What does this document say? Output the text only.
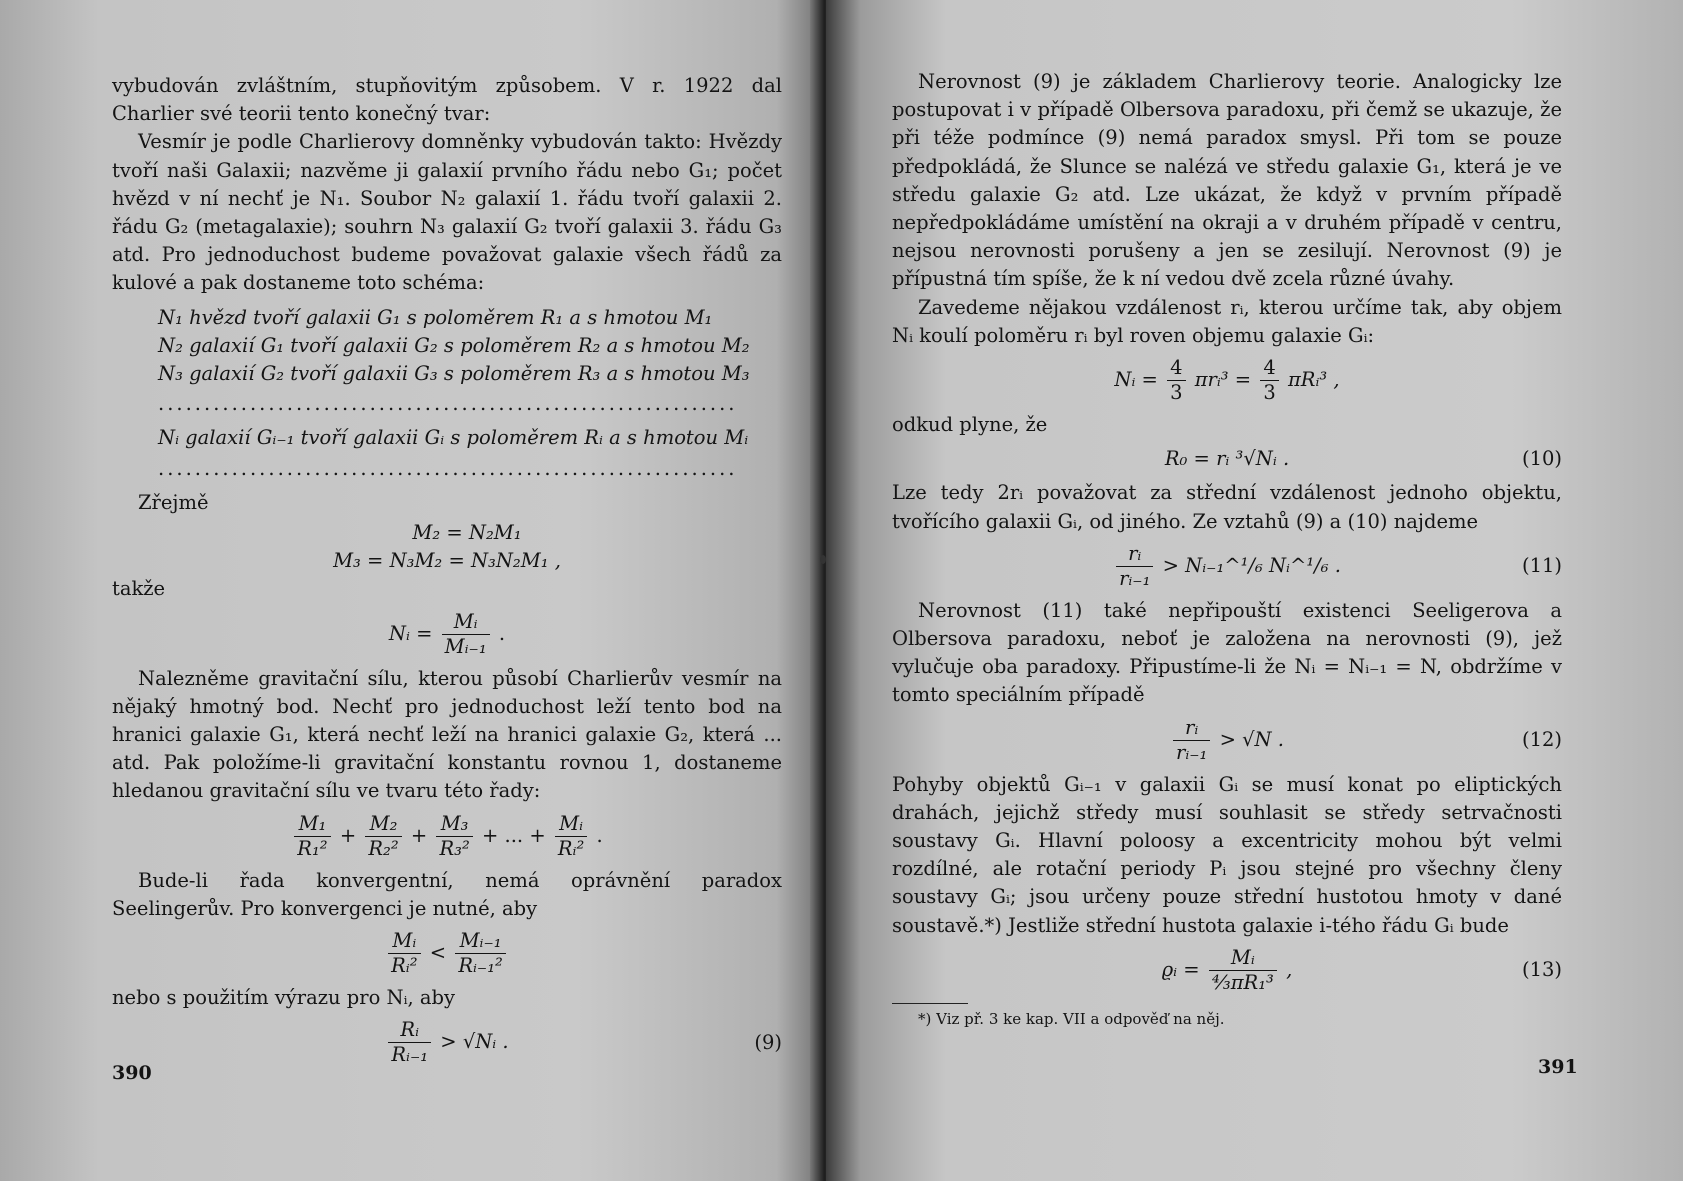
vybudován zvláštním, stupňovitým způsobem. V r. 1922 dal Charlier své teorii tento konečný tvar:

Vesmír je podle Charlierovy domněnky vybudován takto: Hvězdy tvoří naši Galaxii; nazvěme ji galaxií prvního řádu nebo G₁; počet hvězd v ní nechť je N₁. Soubor N₂ galaxií 1. řádu tvoří galaxii 2. řádu G₂ (metagalaxie); souhrn N₃ galaxií G₂ tvoří galaxii 3. řádu G₃ atd. Pro jednoduchost budeme považovat galaxie všech řádů za kulové a pak dostaneme toto schéma:

N₁ hvězd tvoří galaxii G₁ s poloměrem R₁ a s hmotou M₁
N₂ galaxií G₁ tvoří galaxii G₂ s poloměrem R₂ a s hmotou M₂
N₃ galaxií G₂ tvoří galaxii G₃ s poloměrem R₃ a s hmotou M₃
...............................................................
Nᵢ galaxií Gᵢ₋₁ tvoří galaxii Gᵢ s poloměrem Rᵢ a s hmotou Mᵢ
...............................................................

Zřejmě

M₂ = N₂M₁
M₃ = N₃M₂ = N₃N₂M₁ ,

takže

Nᵢ = $\frac{\text{Mᵢ}}{\text{Mᵢ₋₁}}$ .

Nalezněme gravitační sílu, kterou působí Charlierův vesmír na nějaký hmotný bod. Nechť pro jednoduchost leží tento bod na hranici galaxie G₁, která nechť leží na hranici galaxie G₂, která ... atd. Pak položíme-li gravitační konstantu rovnou 1, dostaneme hledanou gravitační sílu ve tvaru této řady:

$\frac{\text{M₁}}{\text{R₁²}} + \frac{\text{M₂}}{\text{R₂²}} + \frac{\text{M₃}}{\text{R₃²}}$ + ... + $\frac{\text{Mᵢ}}{\text{Rᵢ²}}$ .

Bude-li řada konvergentní, nemá oprávnění paradox Seelingerův. Pro konvergenci je nutné, aby

$\frac{\text{Mᵢ}}{\text{Rᵢ²}} < \frac{\text{Mᵢ₋₁}}{\text{Rᵢ₋₁²}}$

nebo s použitím výrazu pro Nᵢ, aby

$\frac{\text{Rᵢ}}{\text{Rᵢ₋₁}}$ > √Nᵢ .	(9)
390

Nerovnost (9) je základem Charlierovy teorie. Analogicky lze postupovat i v případě Olbersova paradoxu, při čemž se ukazuje, že při téže podmínce (9) nemá paradox smysl. Při tom se pouze předpokládá, že Slunce se nalézá ve středu galaxie G₁, která je ve středu galaxie G₂ atd. Lze ukázat, že když v prvním případě nepředpokládáme umístění na okraji a v druhém případě v centru, nejsou nerovnosti porušeny a jen se zesilují. Nerovnost (9) je přípustná tím spíše, že k ní vedou dvě zcela různé úvahy.

Zavedeme nějakou vzdálenost rᵢ, kterou určíme tak, aby objem Nᵢ koulí poloměru rᵢ byl roven objemu galaxie Gᵢ:

Nᵢ = $\frac{4}{3}$ πrᵢ³ = $\frac{4}{3}$ πRᵢ³ ,

odkud plyne, že

R₀ = rᵢ ³√Nᵢ .	(10)

Lze tedy 2rᵢ považovat za střední vzdálenost jednoho objektu, tvořícího galaxii Gᵢ, od jiného. Ze vztahů (9) a (10) najdeme

$\frac{\text{rᵢ}}{\text{rᵢ₋₁}}$ > Nᵢ₋₁^¹/₆ Nᵢ^¹/₆ .	(11)

Nerovnost (11) také nepřipouští existenci Seeligerova a Olbersova paradoxu, neboť je založena na nerovnosti (9), jež vylučuje oba paradoxy. Připustíme-li že Nᵢ = Nᵢ₋₁ = N, obdržíme v tomto speciálním případě

$\frac{\text{rᵢ}}{\text{rᵢ₋₁}} > √N$ .	(12)

Pohyby objektů Gᵢ₋₁ v galaxii Gᵢ se musí konat po eliptických drahách, jejichž středy musí souhlasit se středy setrvačnosti soustavy Gᵢ. Hlavní poloosy a excentricity mohou být velmi rozdílné, ale rotační periody Pᵢ jsou stejné pro všechny členy soustavy Gᵢ; jsou určeny pouze střední hustotou hmoty v dané soustavě.*) Jestliže střední hustota galaxie i-tého řádu Gᵢ bude

ϱᵢ = $\frac{\text{Mᵢ}}{\text{⁴⁄₃πR₁³}}$ ,	(13)
*) Viz př. 3 ke kap. VII a odpověď na něj.
391
